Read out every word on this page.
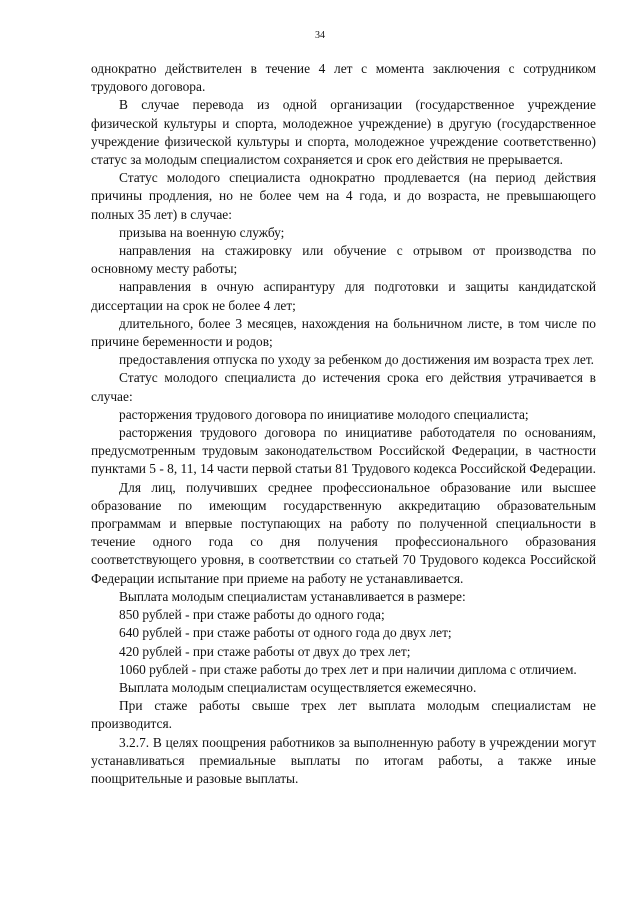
34

однократно действителен в течение 4 лет с момента заключения с сотрудником трудового договора.

В случае перевода из одной организации (государственное учреждение физической культуры и спорта, молодежное учреждение) в другую (государственное учреждение физической культуры и спорта, молодежное учреждение соответственно) статус за молодым специалистом сохраняется и срок его действия не прерывается.

Статус молодого специалиста однократно продлевается (на период действия причины продления, но не более чем на 4 года, и до возраста, не превышающего полных 35 лет) в случае:

призыва на военную службу;

направления на стажировку или обучение с отрывом от производства по основному месту работы;

направления в очную аспирантуру для подготовки и защиты кандидатской диссертации на срок не более 4 лет;

длительного, более 3 месяцев, нахождения на больничном листе, в том числе по причине беременности и родов;

предоставления отпуска по уходу за ребенком до достижения им возраста трех лет.

Статус молодого специалиста до истечения срока его действия утрачивается в случае:

расторжения трудового договора по инициативе молодого специалиста;

расторжения трудового договора по инициативе работодателя по основаниям, предусмотренным трудовым законодательством Российской Федерации, в частности пунктами 5 - 8, 11, 14 части первой статьи 81 Трудового кодекса Российской Федерации.

Для лиц, получивших среднее профессиональное образование или высшее образование по имеющим государственную аккредитацию образовательным программам и впервые поступающих на работу по полученной специальности в течение одного года со дня получения профессионального образования соответствующего уровня, в соответствии со статьей 70 Трудового кодекса Российской Федерации испытание при приеме на работу не устанавливается.

Выплата молодым специалистам устанавливается в размере:

850 рублей - при стаже работы до одного года;

640 рублей - при стаже работы от одного года до двух лет;

420 рублей - при стаже работы от двух до трех лет;

1060 рублей - при стаже работы до трех лет и при наличии диплома с отличием.

Выплата молодым специалистам осуществляется ежемесячно.

При стаже работы свыше трех лет выплата молодым специалистам не производится.

3.2.7. В целях поощрения работников за выполненную работу в учреждении могут устанавливаться премиальные выплаты по итогам работы, а также иные поощрительные и разовые выплаты.
